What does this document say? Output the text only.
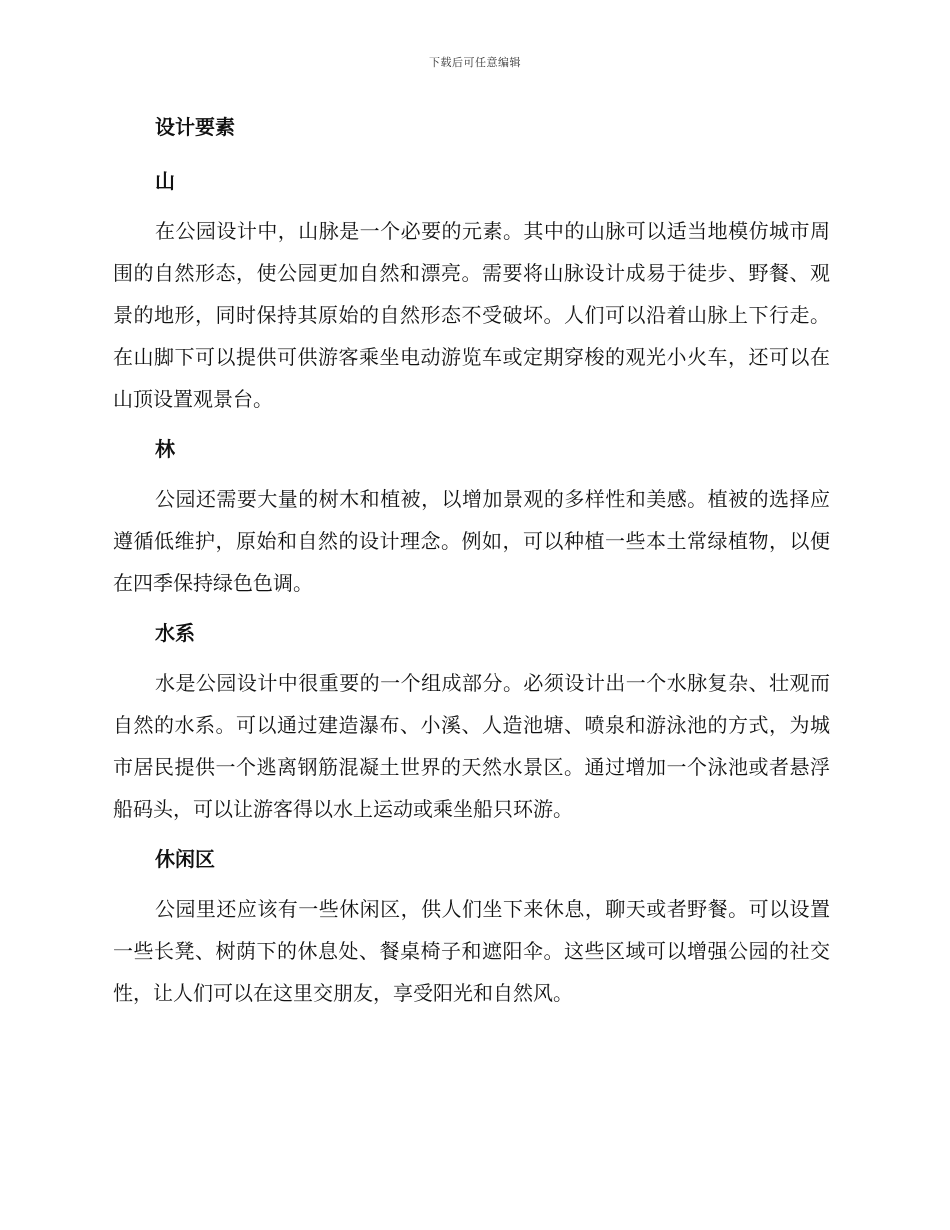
下载后可任意编辑
设计要素
山

在公园设计中，山脉是一个必要的元素。其中的山脉可以适当地模仿城市周围的自然形态，使公园更加自然和漂亮。需要将山脉设计成易于徒步、野餐、观景的地形，同时保持其原始的自然形态不受破坏。人们可以沿着山脉上下行走。在山脚下可以提供可供游客乘坐电动游览车或定期穿梭的观光小火车，还可以在山顶设置观景台。

林

公园还需要大量的树木和植被，以增加景观的多样性和美感。植被的选择应遵循低维护，原始和自然的设计理念。例如，可以种植一些本土常绿植物，以便在四季保持绿色色调。

水系

水是公园设计中很重要的一个组成部分。必须设计出一个水脉复杂、壮观而自然的水系。可以通过建造瀑布、小溪、人造池塘、喷泉和游泳池的方式，为城市居民提供一个逃离钢筋混凝土世界的天然水景区。通过增加一个泳池或者悬浮船码头，可以让游客得以水上运动或乘坐船只环游。

休闲区

公园里还应该有一些休闲区，供人们坐下来休息，聊天或者野餐。可以设置一些长凳、树荫下的休息处、餐桌椅子和遮阳伞。这些区域可以增强公园的社交性，让人们可以在这里交朋友，享受阳光和自然风。
